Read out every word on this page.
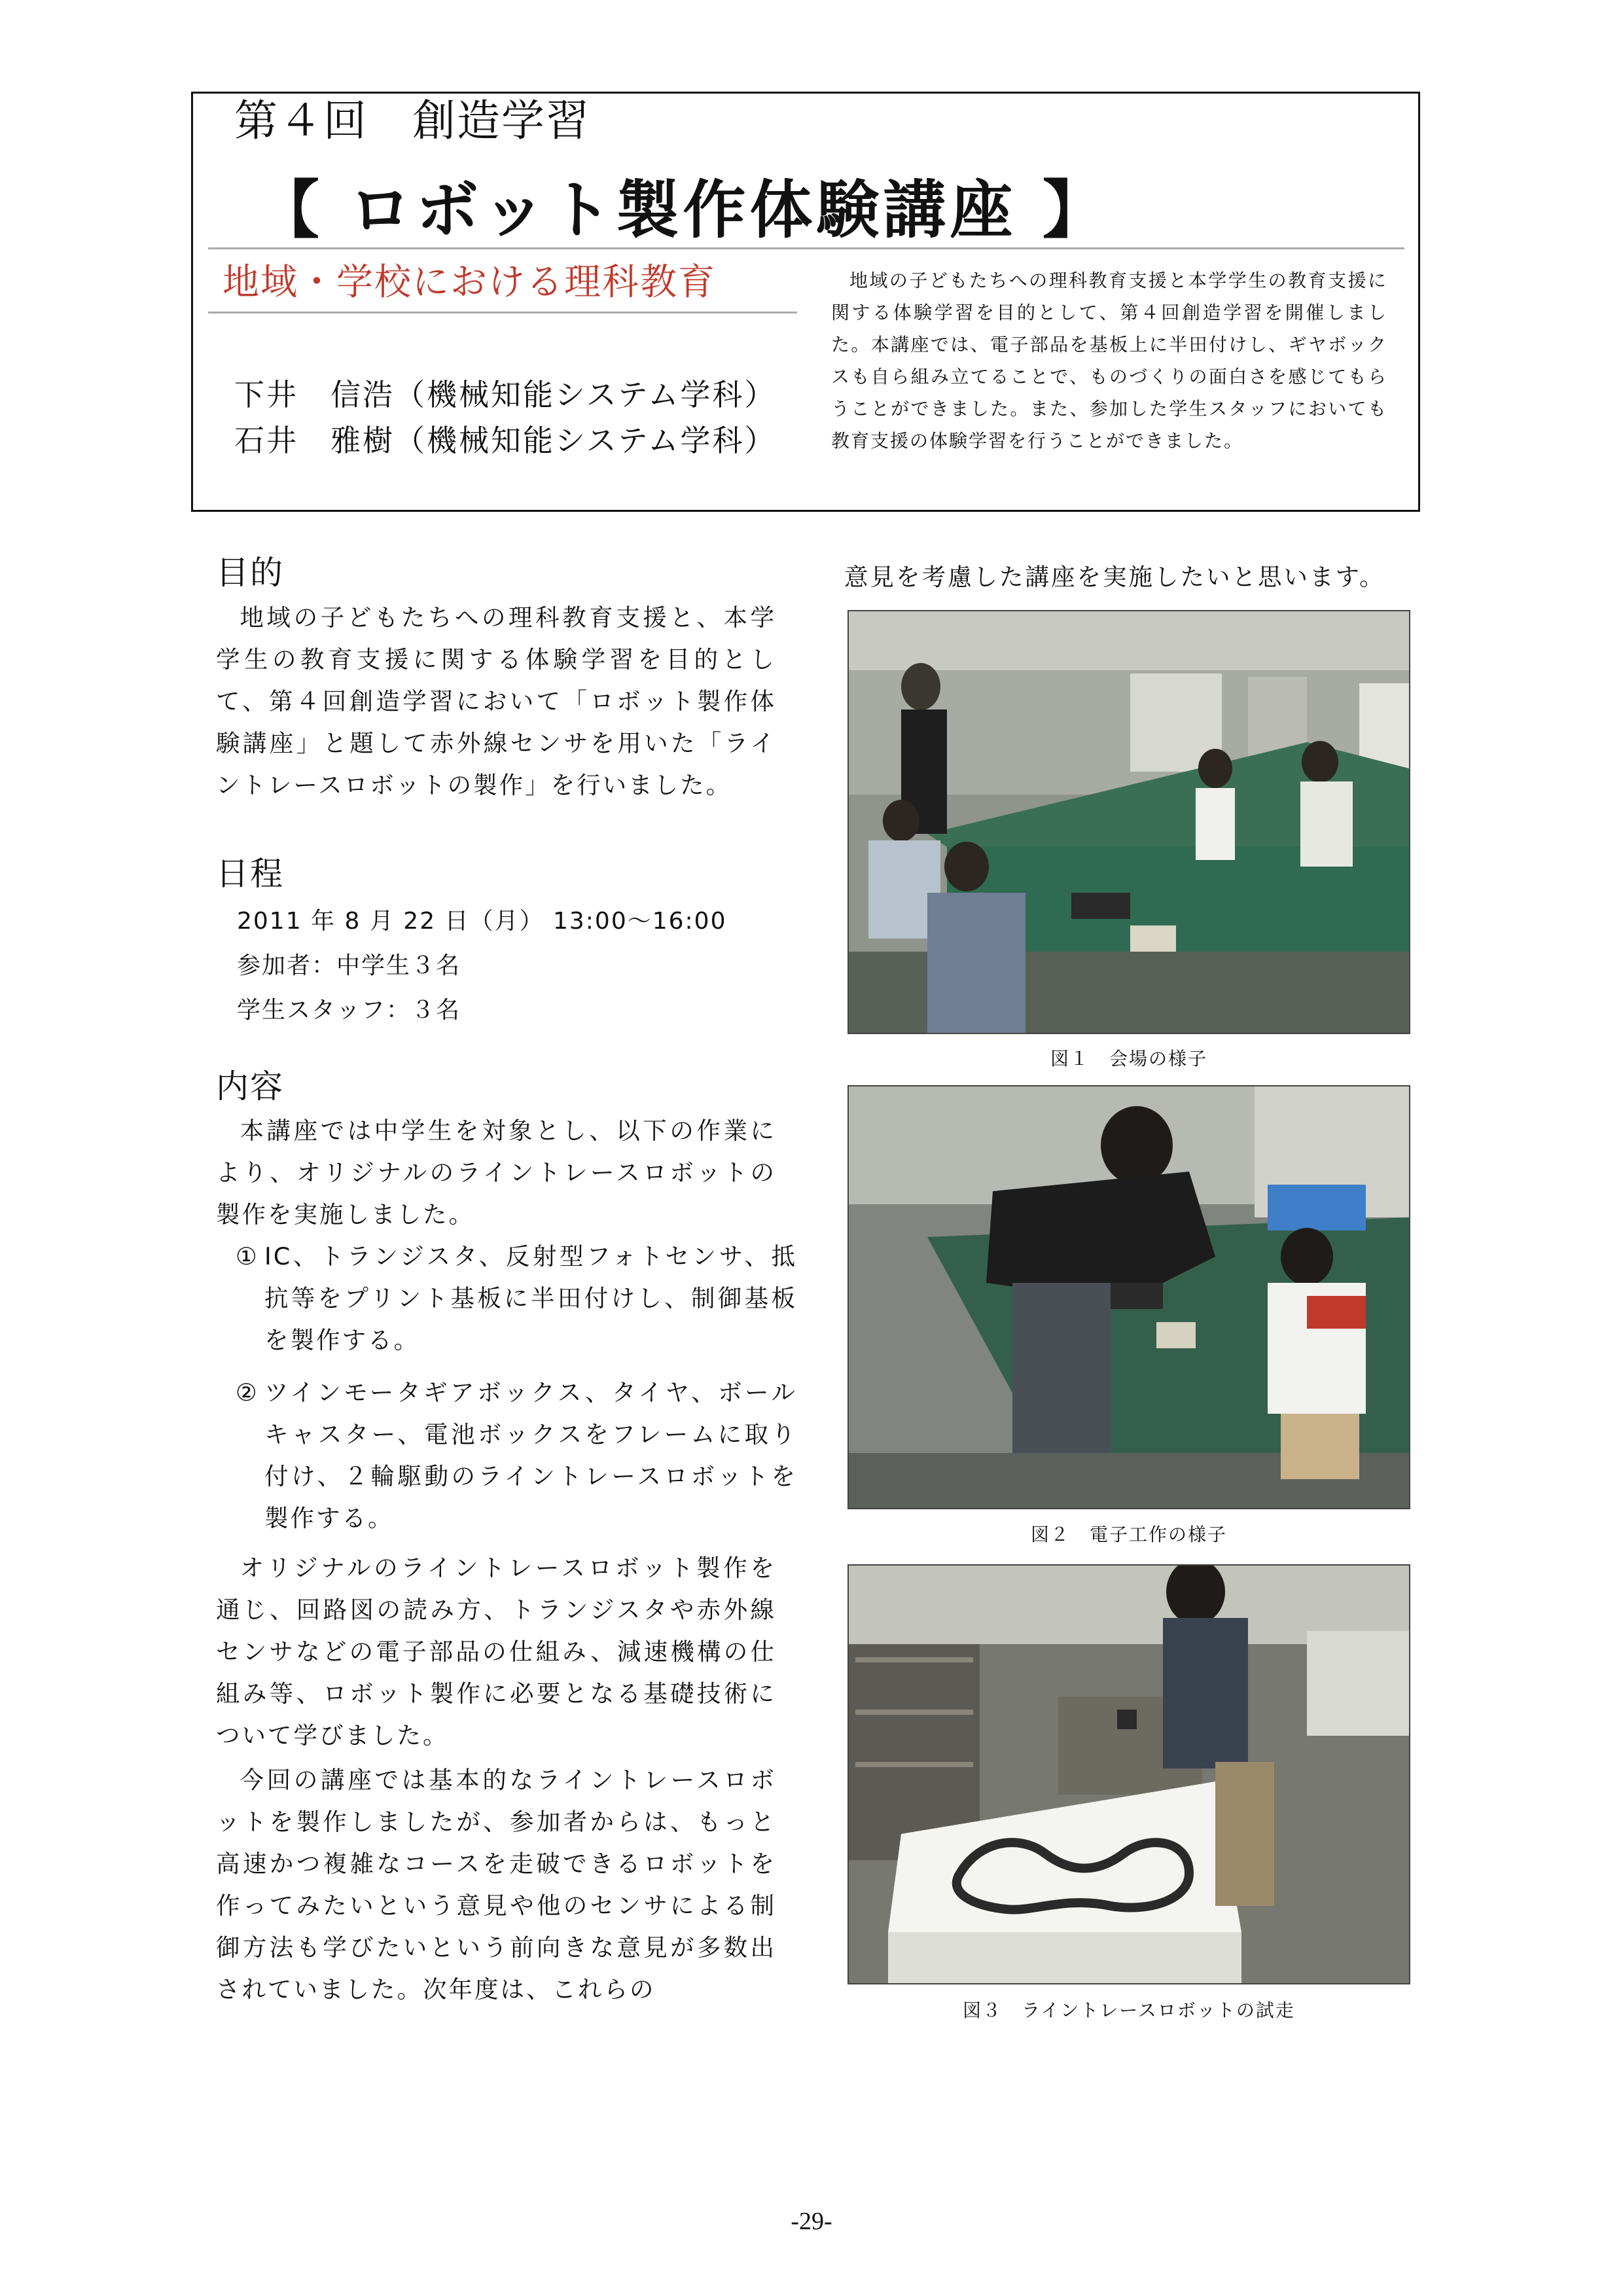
第４回　創造学習
【 ロボット製作体験講座 】
地域・学校における理科教育
下井　信浩（機械知能システム学科）
石井　雅樹（機械知能システム学科）
地域の子どもたちへの理科教育支援と本学学生の教育支援に関する体験学習を目的として、第４回創造学習を開催しました。本講座では、電子部品を基板上に半田付けし、ギヤボックスも自ら組み立てることで、ものづくりの面白さを感じてもらうことができました。また、参加した学生スタッフにおいても教育支援の体験学習を行うことができました。
目的
地域の子どもたちへの理科教育支援と、本学学生の教育支援に関する体験学習を目的として、第４回創造学習において「ロボット製作体験講座」と題して赤外線センサを用いた「ライントレースロボットの製作」を行いました。
日程
2011 年 8 月 22 日（月） 13:00～16:00
参加者：中学生３名
学生スタッフ：３名
内容
本講座では中学生を対象とし、以下の作業により、オリジナルのライントレースロボットの製作を実施しました。
① IC、トランジスタ、反射型フォトセンサ、抵抗等をプリント基板に半田付けし、制御基板を製作する。
② ツインモータギアボックス、タイヤ、ボールキャスター、電池ボックスをフレームに取り付け、２輪駆動のライントレースロボットを製作する。
オリジナルのライントレースロボット製作を通じ、回路図の読み方、トランジスタや赤外線センサなどの電子部品の仕組み、減速機構の仕組み等、ロボット製作に必要となる基礎技術について学びました。
今回の講座では基本的なライントレースロボットを製作しましたが、参加者からは、もっと高速かつ複雑なコースを走破できるロボットを作ってみたいという意見や他のセンサによる制御方法も学びたいという前向きな意見が多数出されていました。次年度は、これらの
意見を考慮した講座を実施したいと思います。
図１　会場の様子
図２　電子工作の様子
図３　ライントレースロボットの試走
-29-
